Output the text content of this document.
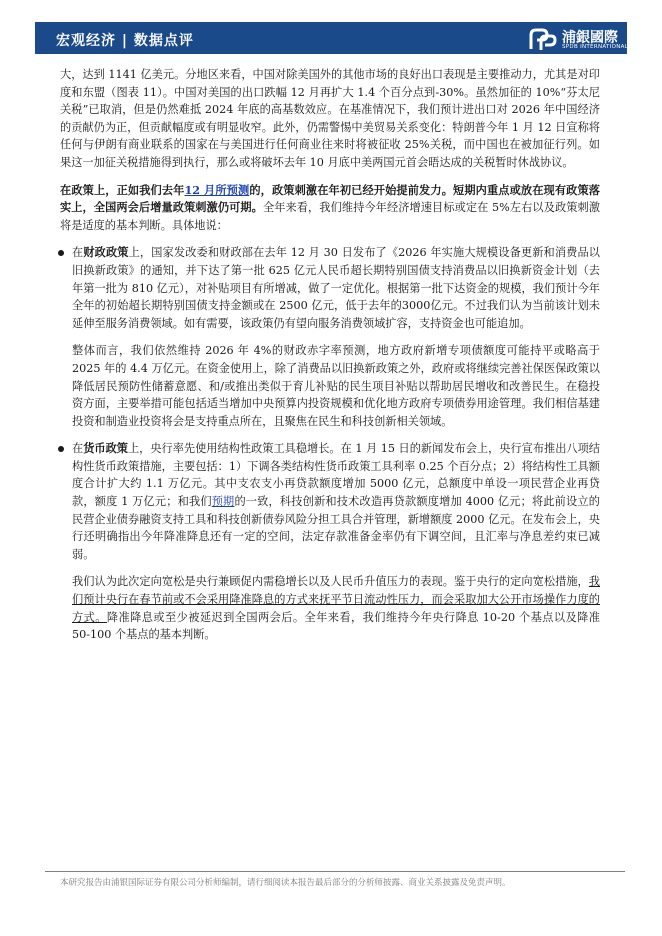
宏观经济 | 数据点评	浦銀國際
SPDB INTERNATIONAL

大，达到 1141 亿美元。分地区来看，中国对除美国外的其他市场的良好出口表现是主要推动力，尤其是对印度和东盟（图表 11）。中国对美国的出口跌幅 12 月再扩大 1.4 个百分点到-30%。虽然加征的 10%“芬太尼关税”已取消，但是仍然难抵 2024 年底的高基数效应。在基准情况下，我们预计进出口对 2026 年中国经济的贡献仍为正，但贡献幅度或有明显收窄。此外，仍需警惕中美贸易关系变化：特朗普今年 1 月 12 日宣称将任何与伊朗有商业联系的国家在与美国进行任何商业往来时将被征收 25%关税，而中国也在被加征行列。如果这一加征关税措施得到执行，那么或将破坏去年 10 月底中美两国元首会晤达成的关税暂时休战协议。

在政策上，正如我们去年12 月所预测的，政策刺激在年初已经开始提前发力。短期内重点或放在现有政策落实上，全国两会后增量政策刺激仍可期。全年来看，我们维持今年经济增速目标或定在 5%左右以及政策刺激将是适度的基本判断。具体地说：

在财政政策上，国家发改委和财政部在去年 12 月 30 日发布了《2026 年实施大规模设备更新和消费品以旧换新政策》的通知，并下达了第一批 625 亿元人民币超长期特别国债支持消费品以旧换新资金计划（去年第一批为 810 亿元），对补贴项目有所增减，做了一定优化。根据第一批下达资金的规模，我们预计今年全年的初始超长期特别国债支持金额或在 2500 亿元，低于去年的3000亿元。不过我们认为当前该计划未延伸至服务消费领域。如有需要，该政策仍有望向服务消费领域扩容，支持资金也可能追加。

整体而言，我们依然维持 2026 年 4%的财政赤字率预测，地方政府新增专项债额度可能持平或略高于 2025 年的 4.4 万亿元。在资金使用上，除了消费品以旧换新政策之外，政府或将继续完善社保医保政策以降低居民预防性储蓄意愿、和/或推出类似于育儿补贴的民生项目补贴以帮助居民增收和改善民生。在稳投资方面，主要举措可能包括适当增加中央预算内投资规模和优化地方政府专项债券用途管理。我们相信基建投资和制造业投资将会是支持重点所在，且聚焦在民生和科技创新相关领域。

在货币政策上，央行率先使用结构性政策工具稳增长。在 1 月 15 日的新闻发布会上，央行宣布推出八项结构性货币政策措施，主要包括：1）下调各类结构性货币政策工具利率 0.25 个百分点；2）将结构性工具额度合计扩大约 1.1 万亿元。其中支农支小再贷款额度增加 5000 亿元，总额度中单设一项民营企业再贷款，额度 1 万亿元；和我们预期的一致，科技创新和技术改造再贷款额度增加 4000 亿元；将此前设立的民营企业债券融资支持工具和科技创新债券风险分担工具合并管理，新增额度 2000 亿元。在发布会上，央行还明确指出今年降准降息还有一定的空间，法定存款准备金率仍有下调空间，且汇率与净息差约束已减弱。

我们认为此次定向宽松是央行兼顾促内需稳增长以及人民币升值压力的表现。鉴于央行的定向宽松措施，我们预计央行在春节前或不会采用降准降息的方式来抚平节日流动性压力，而会采取加大公开市场操作力度的方式。降准降息或至少被延迟到全国两会后。全年来看，我们维持今年央行降息 10-20 个基点以及降准 50-100 个基点的基本判断。

本研究报告由浦银国际证券有限公司分析师编制，请行细阅读本报告最后部分的分析师披露、商业关系披露及免责声明。
